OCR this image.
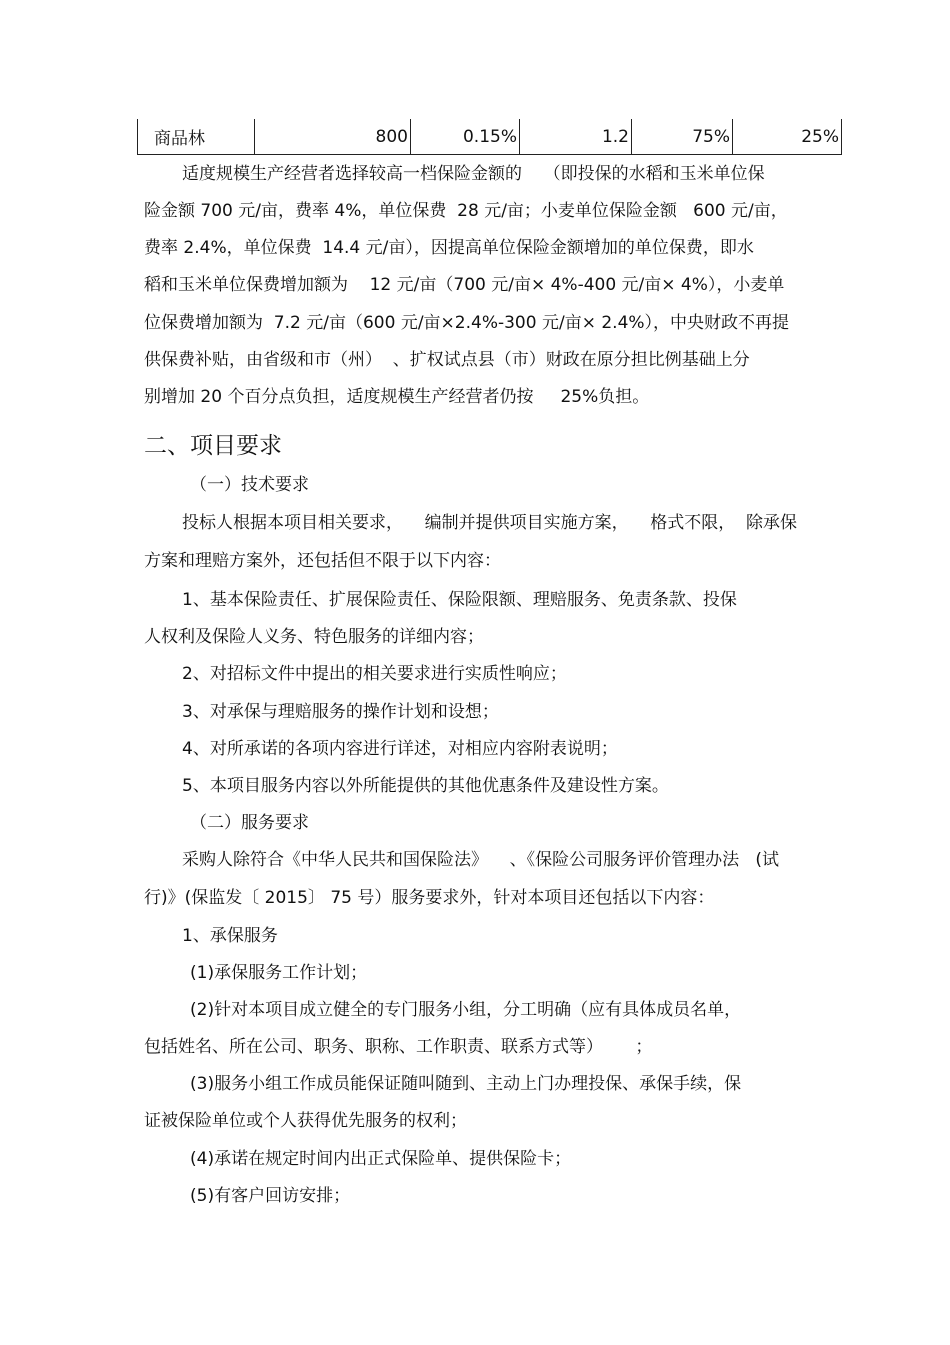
商品林	800	0.15%	1.2	75%	25%
适度规模生产经营者选择较高一档保险金额的    （即投保的水稻和玉米单位保
险金额 700 元/亩，费率 4%，单位保费  28 元/亩；小麦单位保险金额   600 元/亩，
费率 2.4%，单位保费  14.4 元/亩），因提高单位保险金额增加的单位保费，即水
稻和玉米单位保费增加额为    12 元/亩（700 元/亩× 4%-400 元/亩× 4%），小麦单
位保费增加额为  7.2 元/亩（600 元/亩×2.4%-300 元/亩× 2.4%），中央财政不再提
供保费补贴，由省级和市（州）  、扩权试点县（市）财政在原分担比例基础上分
别增加 20 个百分点负担，适度规模生产经营者仍按     25%负担。
二、项目要求
（一）技术要求
投标人根据本项目相关要求，    编制并提供项目实施方案，    格式不限，  除承保
方案和理赔方案外，还包括但不限于以下内容：
1、基本保险责任、扩展保险责任、保险限额、理赔服务、免责条款、投保
人权利及保险人义务、特色服务的详细内容；
2、对招标文件中提出的相关要求进行实质性响应；
3、对承保与理赔服务的操作计划和设想；
4、对所承诺的各项内容进行详述，对相应内容附表说明；
5、本项目服务内容以外所能提供的其他优惠条件及建设性方案。
（二）服务要求
采购人除符合《中华人民共和国保险法》    、《保险公司服务评价管理办法   (试
行)》(保监发〔 2015〕 75 号）服务要求外，针对本项目还包括以下内容：
1、承保服务
(1)承保服务工作计划；
(2)针对本项目成立健全的专门服务小组，分工明确（应有具体成员名单，
包括姓名、所在公司、职务、职称、工作职责、联系方式等）      ；
(3)服务小组工作成员能保证随叫随到、主动上门办理投保、承保手续，保
证被保险单位或个人获得优先服务的权利；
(4)承诺在规定时间内出正式保险单、提供保险卡；
(5)有客户回访安排；
